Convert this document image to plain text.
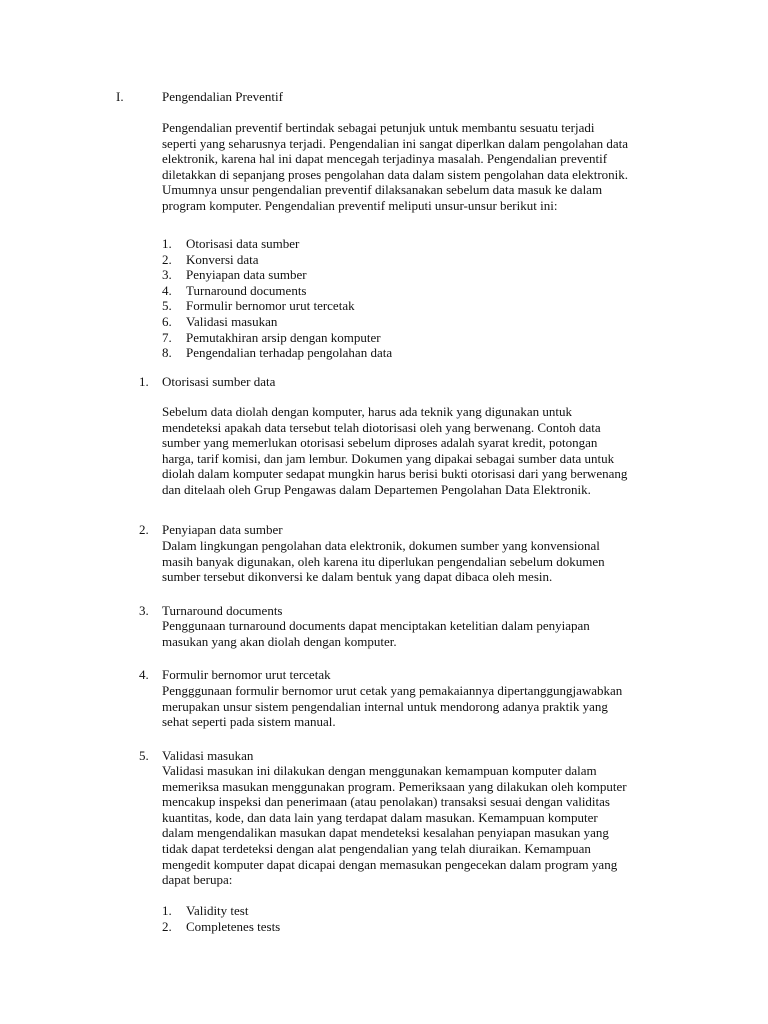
I.	Pengendalian Preventif

Pengendalian preventif bertindak sebagai petunjuk untuk membantu sesuatu terjadi

seperti yang seharusnya terjadi. Pengendalian ini sangat diperlkan dalam pengolahan data

elektronik, karena hal ini dapat mencegah terjadinya masalah. Pengendalian preventif

diletakkan di sepanjang proses pengolahan data dalam sistem pengolahan data elektronik.

Umumnya unsur pengendalian preventif dilaksanakan sebelum data masuk ke dalam

program komputer. Pengendalian preventif meliputi unsur-unsur berikut ini:

1. Otorisasi data sumber
2. Konversi data
3. Penyiapan data sumber
4. Turnaround documents
5. Formulir bernomor urut tercetak
6. Validasi masukan
7. Pemutakhiran arsip dengan komputer
8. Pengendalian terhadap pengolahan data
1. Otorisasi sumber data

Sebelum data diolah dengan komputer, harus ada teknik yang digunakan untuk

mendeteksi apakah data tersebut telah diotorisasi oleh yang berwenang. Contoh data

sumber yang memerlukan otorisasi sebelum diproses adalah syarat kredit, potongan

harga, tarif komisi, dan jam lembur. Dokumen yang dipakai sebagai sumber data untuk

diolah dalam komputer sedapat mungkin harus berisi bukti otorisasi dari yang berwenang

dan ditelaah oleh Grup Pengawas dalam Departemen Pengolahan Data Elektronik.

2. Penyiapan data sumber

Dalam lingkungan pengolahan data elektronik, dokumen sumber yang konvensional

masih banyak digunakan, oleh karena itu diperlukan pengendalian sebelum dokumen

sumber tersebut dikonversi ke dalam bentuk yang dapat dibaca oleh mesin.

3. Turnaround documents

Penggunaan turnaround documents dapat menciptakan ketelitian dalam penyiapan

masukan yang akan diolah dengan komputer.

4. Formulir bernomor urut tercetak

Pengggunaan formulir bernomor urut cetak yang pemakaiannya dipertanggungjawabkan

merupakan unsur sistem pengendalian internal untuk mendorong adanya praktik yang

sehat seperti pada sistem manual.

5. Validasi masukan

Validasi masukan ini dilakukan dengan menggunakan kemampuan komputer dalam

memeriksa masukan menggunakan program. Pemeriksaan yang dilakukan oleh komputer

mencakup inspeksi dan penerimaan (atau penolakan) transaksi sesuai dengan validitas

kuantitas, kode, dan data lain yang terdapat dalam masukan. Kemampuan komputer

dalam mengendalikan masukan dapat mendeteksi kesalahan penyiapan masukan yang

tidak dapat terdeteksi dengan alat pengendalian yang telah diuraikan. Kemampuan

mengedit komputer dapat dicapai dengan memasukan pengecekan dalam program yang

dapat berupa:

1. Validity test
2. Completenes tests
